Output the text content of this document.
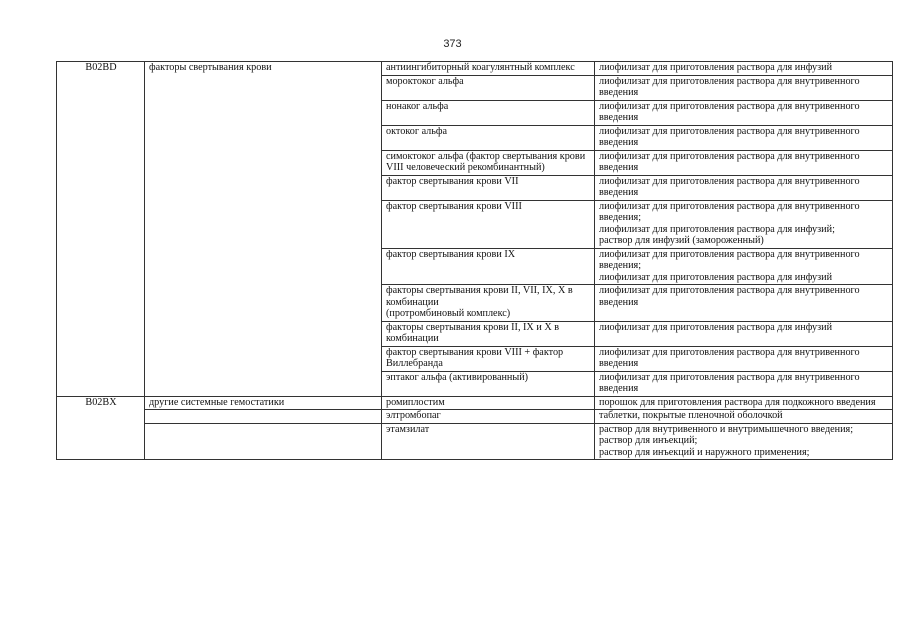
373
B02BD	факторы свертывания крови	антиингибиторный коагулянтный комплекс	лиофилизат для приготовления раствора для инфузий
		мороктоког альфа	лиофилизат для приготовления раствора для внутривенного введения
		нонаког альфа	лиофилизат для приготовления раствора для внутривенного введения
		октоког альфа	лиофилизат для приготовления раствора для внутривенного введения
		симоктоког альфа (фактор свертывания крови VIII человеческий рекомбинантный)	лиофилизат для приготовления раствора для внутривенного введения
		фактор свертывания крови VII	лиофилизат для приготовления раствора для внутривенного введения
		фактор свертывания крови VIII	лиофилизат для приготовления раствора для внутривенного введения;
лиофилизат для приготовления раствора для инфузий;
раствор для инфузий (замороженный)
		фактор свертывания крови IX	лиофилизат для приготовления раствора для внутривенного введения;
лиофилизат для приготовления раствора для инфузий
		факторы свертывания крови II, VII, IX, X в комбинации
(протромбиновый комплекс)	лиофилизат для приготовления раствора для внутривенного введения
		факторы свертывания крови II, IX и X в комбинации	лиофилизат для приготовления раствора для инфузий
		фактор свертывания крови VIII + фактор Виллебранда	лиофилизат для приготовления раствора для внутривенного введения
		эптаког альфа (активированный)	лиофилизат для приготовления раствора для внутривенного введения
B02BX	другие системные гемостатики	ромиплостим	порошок для приготовления раствора для подкожного введения
		элтромбопаг	таблетки, покрытые пленочной оболочкой
		этамзилат	раствор для внутривенного и внутримышечного введения;
раствор для инъекций;
раствор для инъекций и наружного применения;
